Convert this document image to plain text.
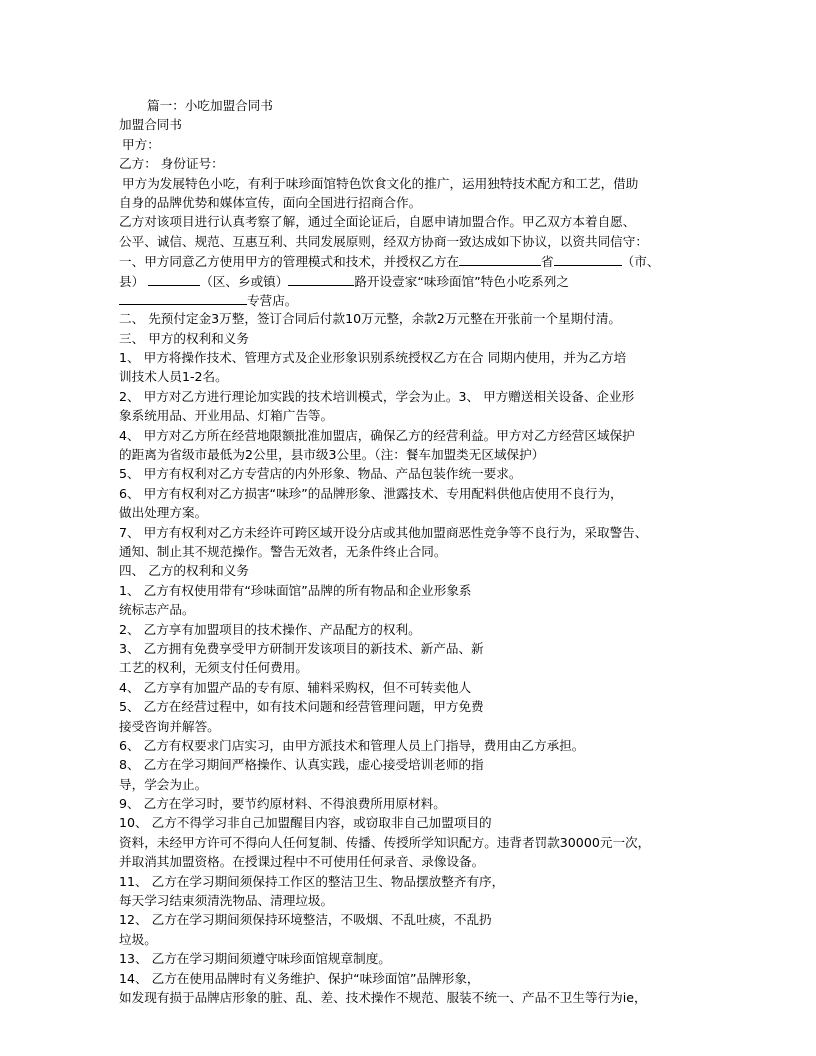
篇一：小吃加盟合同书
加盟合同书
甲方：
乙方： 身份证号：
甲方为发展特色小吃，有利于味珍面馆特色饮食文化的推广，运用独特技术配方和工艺，借助
自身的品牌优势和媒体宣传，面向全国进行招商合作。
乙方对该项目进行认真考察了解，通过全面论证后，自愿申请加盟合作。甲乙双方本着自愿、
公平、诚信、规范、互惠互利、共同发展原则，经双方协商一致达成如下协议，以资共同信守：
一、甲方同意乙方使用甲方的管理模式和技术，并授权乙方在	省	（市、
县）	（区、乡或镇）	路开设壹家“味珍面馆”特色小吃系列之
专营店。
二、 先预付定金3万整，签订合同后付款10万元整，余款2万元整在开张前一个星期付清。
三、 甲方的权利和义务
1、 甲方将操作技术、管理方式及企业形象识别系统授权乙方在合 同期内使用，并为乙方培
训技术人员1-2名。
2、 甲方对乙方进行理论加实践的技术培训模式，学会为止。3、 甲方赠送相关设备、企业形
象系统用品、开业用品、灯箱广告等。
4、 甲方对乙方所在经营地限额批准加盟店，确保乙方的经营利益。甲方对乙方经营区域保护
的距离为省级市最低为2公里，县市级3公里。（注：餐车加盟类无区域保护）
5、 甲方有权利对乙方专营店的内外形象、物品、产品包装作统一要求。
6、 甲方有权利对乙方损害“味珍”的品牌形象、泄露技术、专用配料供他店使用不良行为，
做出处理方案。
7、 甲方有权利对乙方未经许可跨区域开设分店或其他加盟商恶性竞争等不良行为，采取警告、
通知、制止其不规范操作。警告无效者，无条件终止合同。
四、 乙方的权利和义务
1、 乙方有权使用带有“珍味面馆”品牌的所有物品和企业形象系
统标志产品。
2、 乙方享有加盟项目的技术操作、产品配方的权利。
3、 乙方拥有免费享受甲方研制开发该项目的新技术、新产品、新
工艺的权利，无须支付任何费用。
4、 乙方享有加盟产品的专有原、辅料采购权，但不可转卖他人
5、 乙方在经营过程中，如有技术问题和经营管理问题，甲方免费
接受咨询并解答。
6、 乙方有权要求门店实习，由甲方派技术和管理人员上门指导，费用由乙方承担。
8、 乙方在学习期间严格操作、认真实践，虚心接受培训老师的指
导，学会为止。
9、 乙方在学习时，要节约原材料、不得浪费所用原材料。
10、 乙方不得学习非自己加盟醒目内容，或窃取非自己加盟项目的
资料，未经甲方许可不得向人任何复制、传播、传授所学知识配方。违背者罚款30000元一次，
并取消其加盟资格。在授课过程中不可使用任何录音、录像设备。
11、 乙方在学习期间须保持工作区的整洁卫生、物品摆放整齐有序，
每天学习结束须清洗物品、清理垃圾。
12、 乙方在学习期间须保持环境整洁，不吸烟、不乱吐痰，不乱扔
垃圾。
13、 乙方在学习期间须遵守味珍面馆规章制度。
14、 乙方在使用品牌时有义务维护、保护“味珍面馆”品牌形象，
如发现有损于品牌店形象的脏、乱、差、技术操作不规范、服装不统一、产品不卫生等行为ie，
